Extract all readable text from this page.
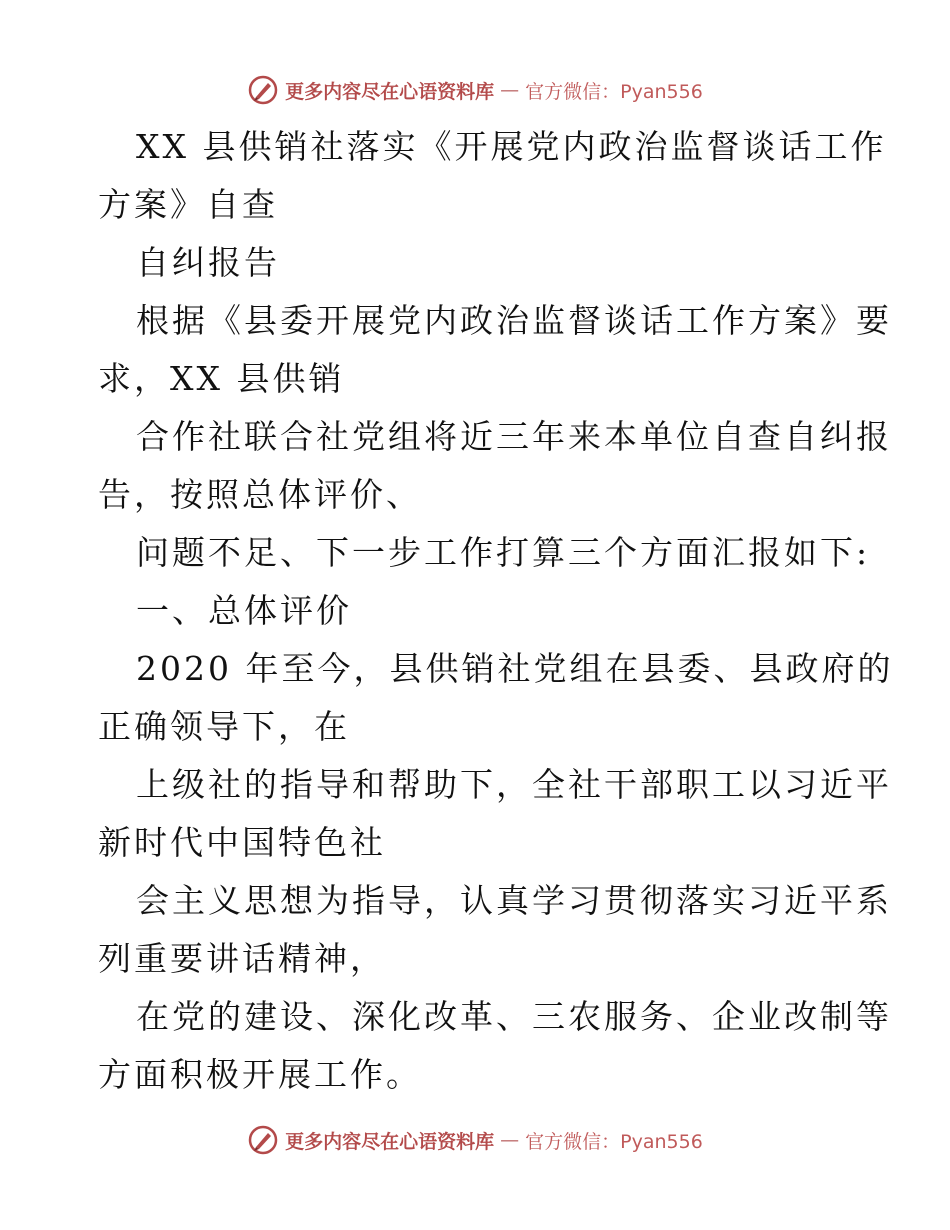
更多内容尽在心语资料库 — 官方微信：Pyan556
XX 县供销社落实《开展党内政治监督谈话工作
方案》自查
自纠报告
根据《县委开展党内政治监督谈话工作方案》要
求，XX 县供销
合作社联合社党组将近三年来本单位自查自纠报
告，按照总体评价、
问题不足、下一步工作打算三个方面汇报如下:
一、总体评价
2020 年至今，县供销社党组在县委、县政府的
正确领导下，在
上级社的指导和帮助下，全社干部职工以习近平
新时代中国特色社
会主义思想为指导，认真学习贯彻落实习近平系
列重要讲话精神，
在党的建设、深化改革、三农服务、企业改制等
方面积极开展工作。
更多内容尽在心语资料库 — 官方微信：Pyan556
